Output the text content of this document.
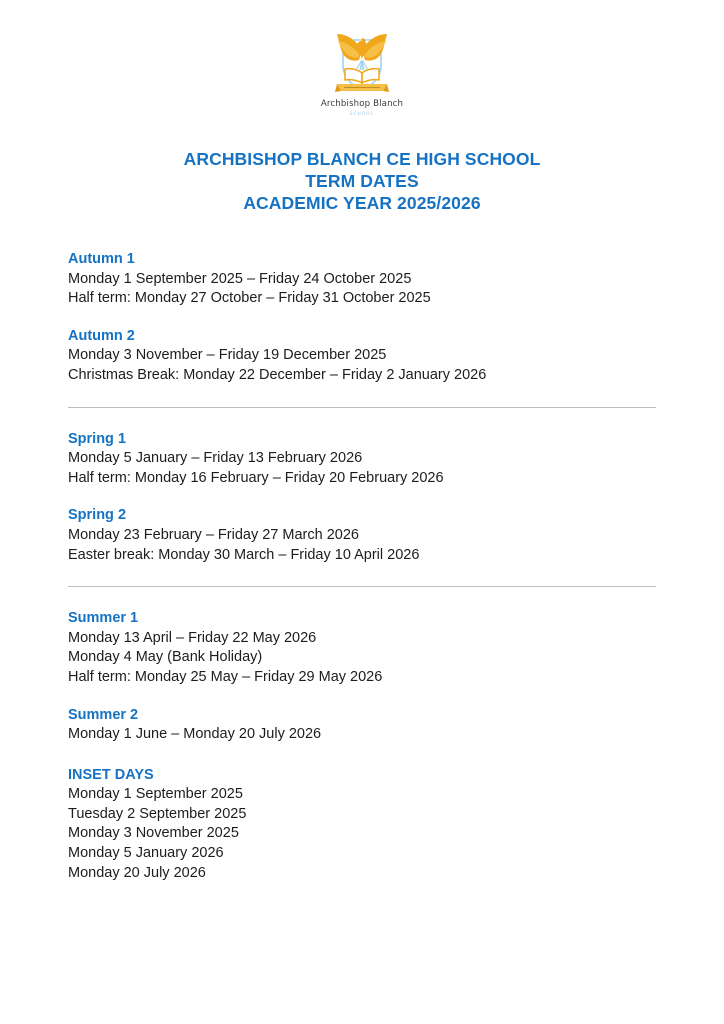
Archbishop Blanch
SCHOOL
ARCHBISHOP BLANCH CE HIGH SCHOOL
TERM DATES
ACADEMIC YEAR 2025/2026

Autumn 1

Monday 1 September 2025 – Friday 24 October 2025

Half term: Monday 27 October – Friday 31 October 2025

Autumn 2

Monday 3 November – Friday 19 December 2025

Christmas Break: Monday 22 December – Friday 2 January 2026

Spring 1

Monday 5 January – Friday 13 February 2026

Half term: Monday 16 February – Friday 20 February 2026

Spring 2

Monday 23 February – Friday 27 March 2026

Easter break: Monday 30 March – Friday 10 April 2026

Summer 1

Monday 13 April – Friday 22 May 2026

Monday 4 May (Bank Holiday)

Half term: Monday 25 May – Friday 29 May 2026

Summer 2

Monday 1 June – Monday 20 July 2026

INSET DAYS

Monday 1 September 2025

Tuesday 2 September 2025

Monday 3 November 2025

Monday 5 January 2026

Monday 20 July 2026
